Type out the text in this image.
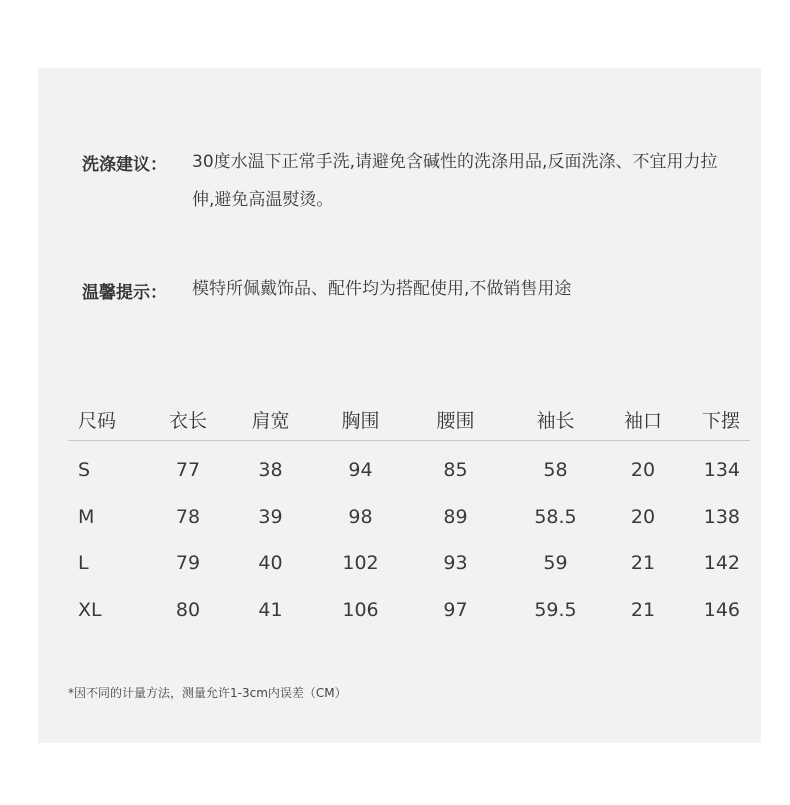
洗涤建议： 30度水温下正常手洗,请避免含碱性的洗涤用品,反面洗涤、不宜用力拉伸,避免高温熨烫。
温馨提示： 模特所佩戴饰品、配件均为搭配使用,不做销售用途
尺码	衣长	肩宽	胸围	腰围	袖长	袖口	下摆
S	77	38	94	85	58	20	134
M	78	39	98	89	58.5	20	138
L	79	40	102	93	59	21	142
XL	80	41	106	97	59.5	21	146
*因不同的计量方法，测量允许1-3cm内误差（CM）
